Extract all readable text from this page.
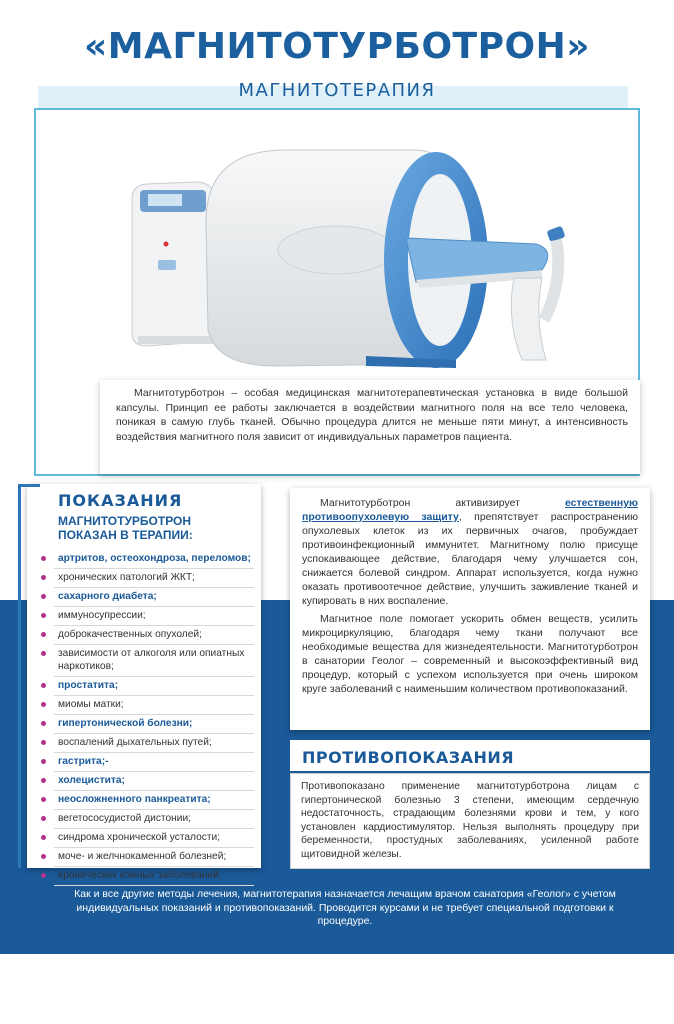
«МАГНИТОТУРБОТРОН»
МАГНИТОТЕРАПИЯ
Магнитотурботрон – особая медицинская магнитотерапевтическая установка в виде большой капсулы. Принцип ее работы заключается в воздействии магнитного поля на все тело человека, поникая в самую глубь тканей. Обычно процедура длится не меньше пяти минут, а интенсивность воздействия магнитного поля зависит от индивидуальных параметров пациента.
ПОКАЗАНИЯ
МАГНИТОТУРБОТРОН ПОКАЗАН В ТЕРАПИИ:
артритов, остеохондроза, переломов;
хронических патологий ЖКТ;
сахарного диабета;
иммуносупрессии;
доброкачественных опухолей;
зависимости от алкоголя или опиатных наркотиков;
простатита;
миомы матки;
гипертонической болезни;
воспалений дыхательных путей;
гастрита;-
холецистита;
неосложненного панкреатита;
вегетососудистой дистонии;
синдрома хронической усталости;
моче- и желчнокаменной болезней;
хронических кожных заболеваний.

Магнитотурботрон активизирует естественную противоопухолевую защиту, препятствует распространению опухолевых клеток из их первичных очагов, пробуждает противоинфекционный иммунитет. Магнитному полю присуще успокаивающее действие, благодаря чему улучшается сон, снижается болевой синдром. Аппарат используется, когда нужно оказать противоотечное действие, улучшить заживление тканей и купировать в них воспаление.

Магнитное поле помогает ускорить обмен веществ, усилить микроциркуляцию, благодаря чему ткани получают все необходимые вещества для жизнедеятельности. Магнитотурботрон в санатории Геолог – современный и высокоэффективный вид процедур, который с успехом используется при очень широком круге заболеваний с наименьшим количеством противопоказаний.

ПРОТИВОПОКАЗАНИЯ
Противопоказано применение магнитотурботрона лицам с гипертонической болезнью 3 степени, имеющим сердечную недостаточность, страдающим болезнями крови и тем, у кого установлен кардиостимулятор. Нельзя выполнять процедуру при беременности, простудных заболеваниях, усиленной работе щитовидной железы.
Как и все другие методы лечения, магнитотерапия назначается лечащим врачом санатория «Геолог» с учетом индивидуальных показаний и противопоказаний. Проводится курсами и не требует специальной подготовки к процедуре.
